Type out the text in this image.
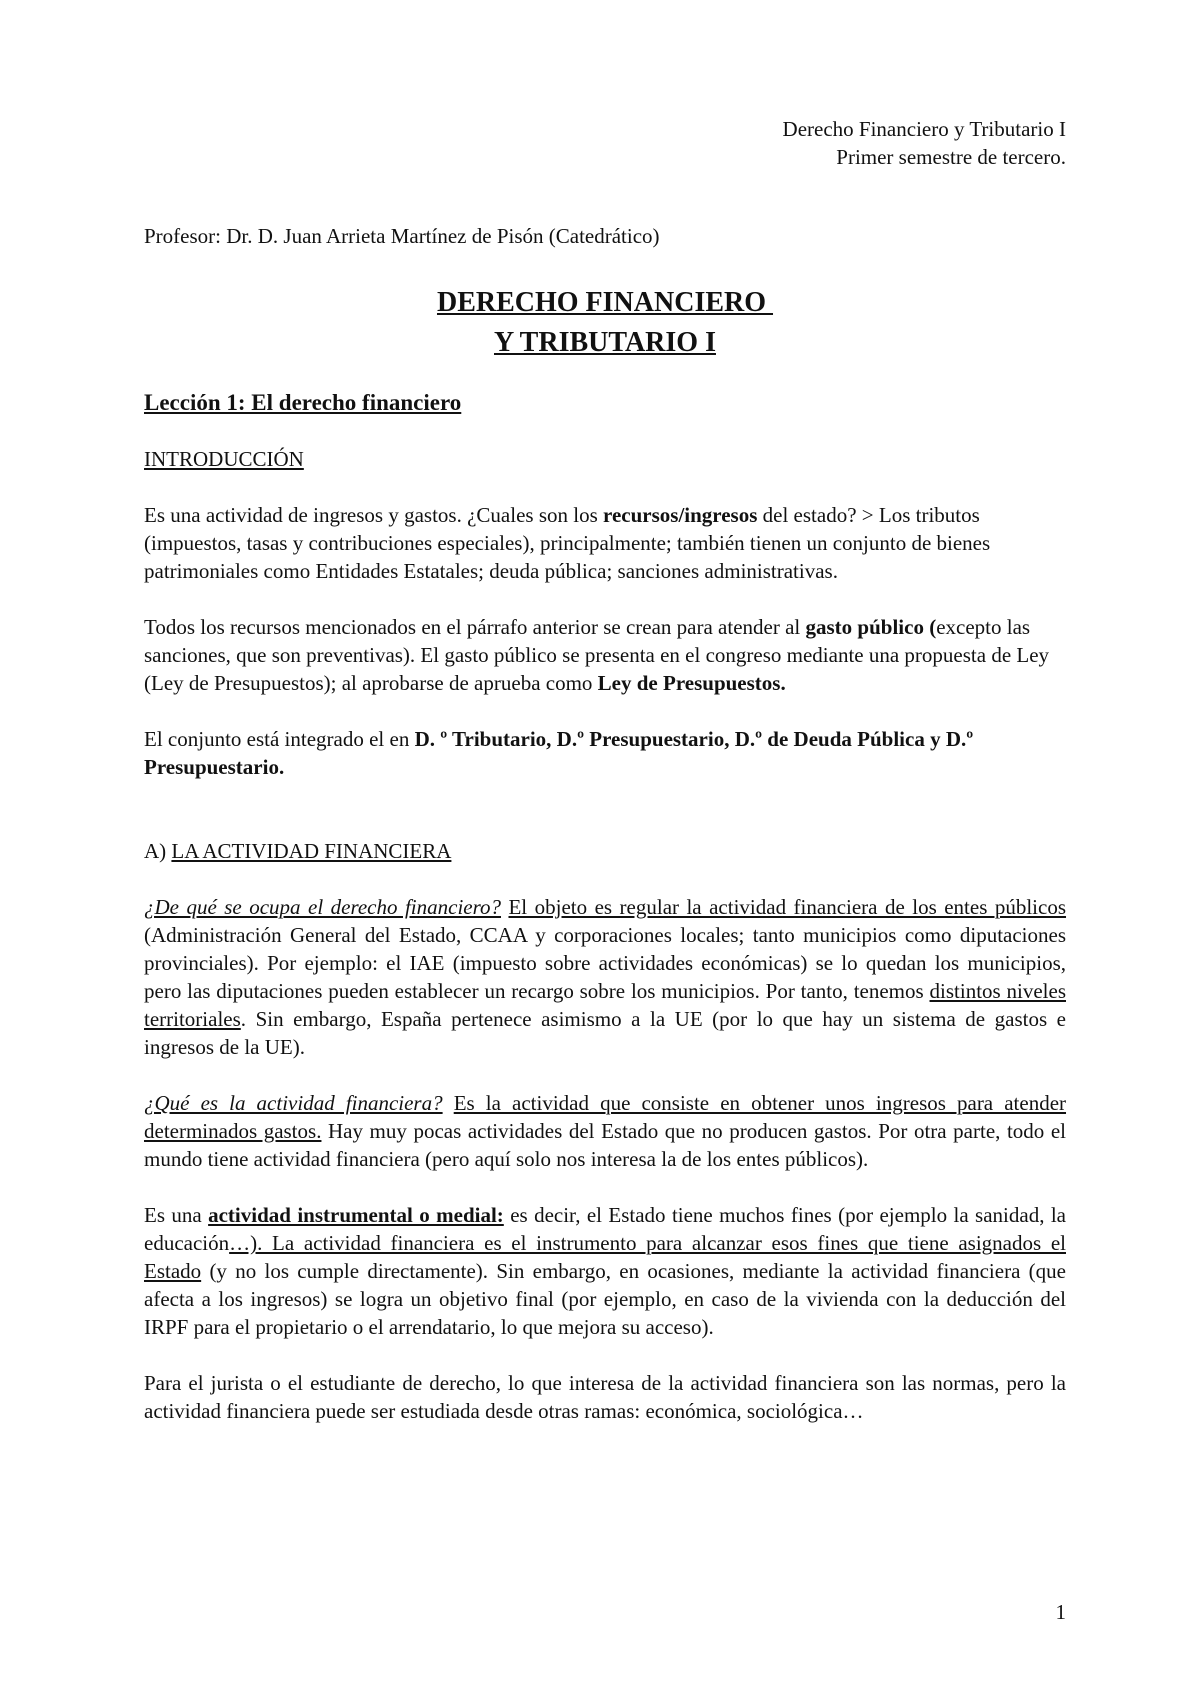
Derecho Financiero y Tributario I
Primer semestre de tercero.
Profesor: Dr. D. Juan Arrieta Martínez de Pisón (Catedrático)
DERECHO FINANCIERO
Y TRIBUTARIO I
Lección 1: El derecho financiero
INTRODUCCIÓN

Es una actividad de ingresos y gastos. ¿Cuales son los recursos/ingresos del estado? > Los tributos (impuestos, tasas y contribuciones especiales), principalmente; también tienen un conjunto de bienes patrimoniales como Entidades Estatales; deuda pública; sanciones administrativas.

Todos los recursos mencionados en el párrafo anterior se crean para atender al gasto público (excepto las sanciones, que son preventivas). El gasto público se presenta en el congreso mediante una propuesta de Ley (Ley de Presupuestos); al aprobarse de aprueba como Ley de Presupuestos.

El conjunto está integrado el en D. º Tributario, D.º Presupuestario, D.º de Deuda Pública y D.º Presupuestario.

A) LA ACTIVIDAD FINANCIERA

¿De qué se ocupa el derecho financiero? El objeto es regular la actividad financiera de los entes públicos (Administración General del Estado, CCAA y corporaciones locales; tanto municipios como diputaciones provinciales). Por ejemplo: el IAE (impuesto sobre actividades económicas) se lo quedan los municipios, pero las diputaciones pueden establecer un recargo sobre los municipios. Por tanto, tenemos distintos niveles territoriales. Sin embargo, España pertenece asimismo a la UE (por lo que hay un sistema de gastos e ingresos de la UE).

¿Qué es la actividad financiera? Es la actividad que consiste en obtener unos ingresos para atender determinados gastos. Hay muy pocas actividades del Estado que no producen gastos. Por otra parte, todo el mundo tiene actividad financiera (pero aquí solo nos interesa la de los entes públicos).

Es una actividad instrumental o medial: es decir, el Estado tiene muchos fines (por ejemplo la sanidad, la educación…). La actividad financiera es el instrumento para alcanzar esos fines que tiene asignados el Estado (y no los cumple directamente). Sin embargo, en ocasiones, mediante la actividad financiera (que afecta a los ingresos) se logra un objetivo final (por ejemplo, en caso de la vivienda con la deducción del IRPF para el propietario o el arrendatario, lo que mejora su acceso).

Para el jurista o el estudiante de derecho, lo que interesa de la actividad financiera son las normas, pero la actividad financiera puede ser estudiada desde otras ramas: económica, sociológica…

1
